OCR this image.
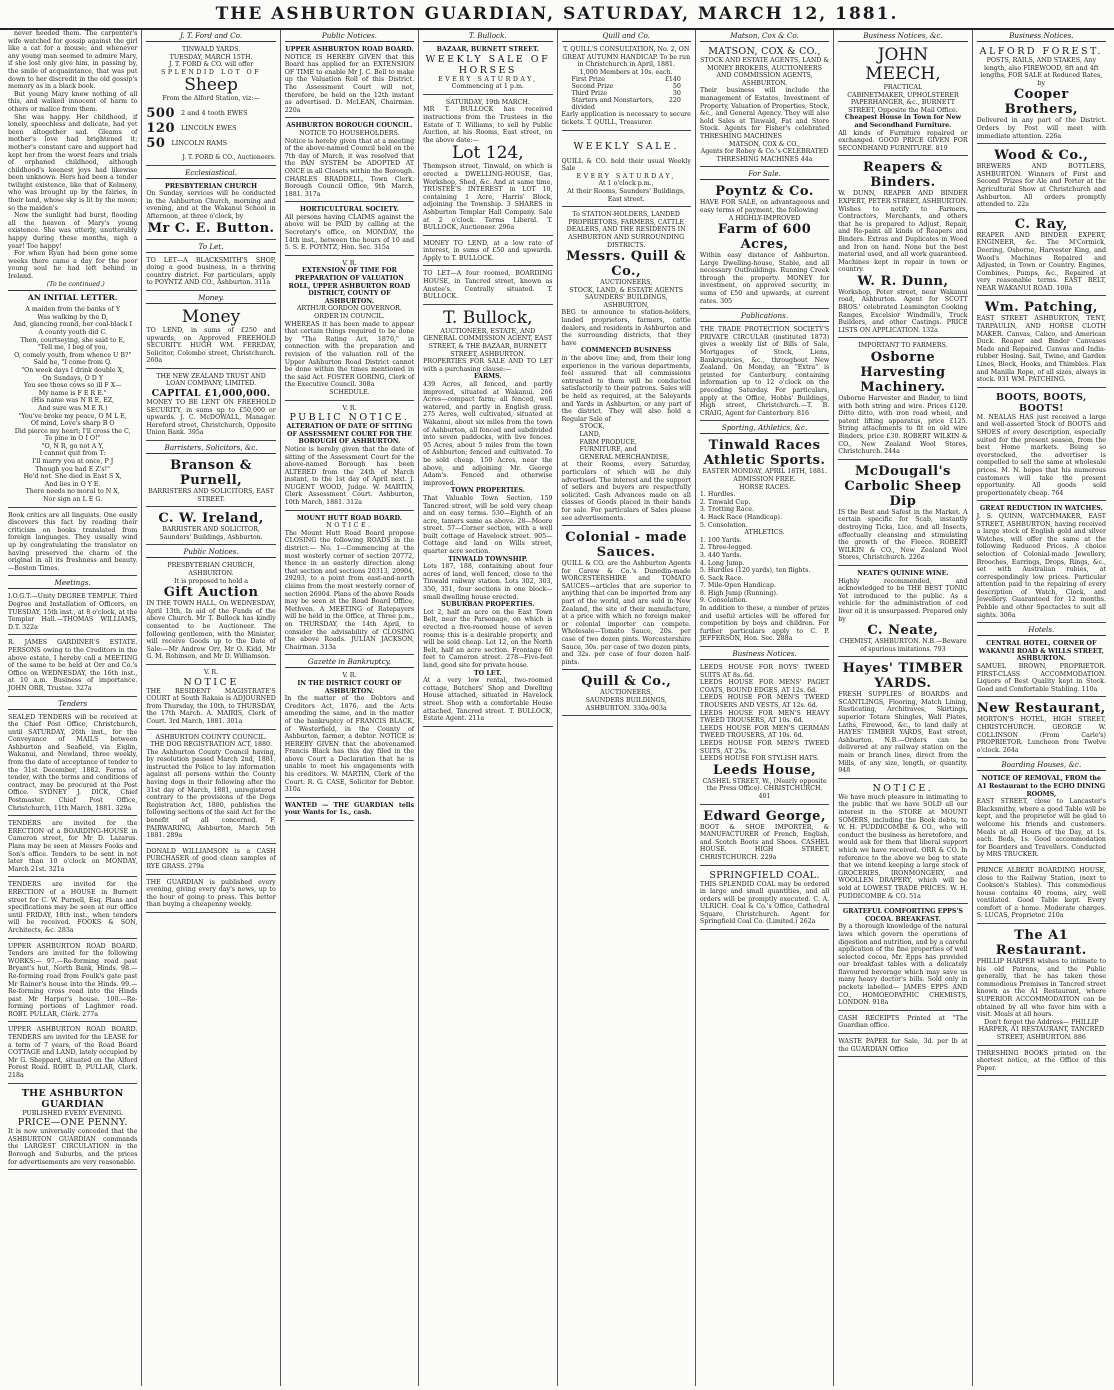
THE ASHBURTON GUARDIAN, SATURDAY, MARCH 12, 1881.

never heeded them. The carpenter's wife watched for gossip against the girl like a cat for a mouse; and whenever any young man seemed to admire Mary, if she lost only give him, in passing by, the smile of acquaintance, that was put down to her discredit in the old gossip's memory as in a black book.

But young Mary knew nothing of all this, and walked innocent of harm to others or malice from them.

She was happy. Her childhood, if lonely, speechless and delicate, had yet been altogether sad. Gleams of mother's love had brightened it; mother's constant care and support had kept her from the worst fears and trials of orphaned childhood, although childhood's keenest joys had likewise been unknown. Hers had been a tender twilight existence, like that of Kelmeny, who was brought up by the fairies, in their land, whose sky is lit by the moon; so the maiden's

Now the sunlight had burst, flooding all the heaven of Mary's young existence. She was utterly, unutterably happy during these months, nigh a year! Too happy!

For when Ryan had been gone some weeks there came a day for the poor young soul he had left behind in Ireland.

(To be continued.)

AN INITIAL LETTER.

A maiden from the banks of Y

Was walking by the D,

And, glancing round, her coal-black I

A county youth did C.

Then, courtseying, she said to E,

"Tell me, I beg of you,

O, comely youth, from whence U B?"

Said he, "I come from Q.

"On week days I drink double X,

On Sundays, O D Y

You see those cows so ill F X—

My name is F E R E."

(His name was N R E, EZ,

And sure was M E R.)

"You've broke my peace, O M L E,

Of mind, Love's sharp B O

Did pierce my heart; I'll cross the C,

To pine in O I O!"

"O, N R, go not A Y,

I cannot quit from T:

I'll marry you at once, P J

Though you had E Z's!"

He'd not. She died in East S X,

And lies in O Y E.

There needs no moral to N X,

Nor sign an L E G.

Book critics are all linguists. One easily discovers this fact by reading their criticism on books translated from foreign languages. They usually wind up by congratulating the translator on having preserved the charm of the original in all its freshness and beauty.—Boston Times.

Meetings.

I.O.G.T.—Unity DEGREE TEMPLE. Third Degree and Installation of Officers, on TUESDAY, 15th inst., at 8 o'clock, at the Templar Hall.—THOMAS WILLIAMS, D.T. 322a

R. JAMES GARDINER'S ESTATE. PERSONS owing to the Creditors in the above estate, I hereby call a MEETING of the same to be held at Orr and Co.'s Office on WEDNESDAY, the 16th inst., at 10 a.m. Business of importance. JOHN ORR, Trustee. 327a

Tenders

SEALED TENDERS will be received at the Chief Post Office, Christchurch, until SATURDAY, 26th inst., for the Conveyance of MAILS between Ashburton and Seafield, via Eiglin, Wakanui, and Newland, three weekly, from the date of acceptance of tender to the 31st December, 1882. Forms of tender, with the terms and conditions of contract, may be procured at the Post Office. SYDNEY J. DICK, Chief Postmaster. Chief Post Office, Christchurch, 11th March, 1881. 329a

TENDERS are invited for the ERECTION of a BOARDING-HOUSE in Cameron street, for Mr D. Lazarus. Plans may be seen at Messrs Fooks and Son's office. Tenders to be sent in not later than 10 o'clock on MONDAY, March 21st. 321a

TENDERS are invited for the ERECTION of a HOUSE in Burnett street for C. W. Purnell, Esq. Plans and specifications may be seen at our office until FRIDAY, 18th inst., when tenders will be received. FOOKS & SON, Architects, &c. 283a

UPPER ASHBURTON ROAD BOARD. Tenders are invited for the following WORKS:— 97.—Re-forming road past Bryant's hut, North Bank, Hinds. 98.—Re-forming road from Foulk's gate past Mr Rainer's house into the Hinds. 99.—Re-forming cross road into the Hinds past Mr Harper's house. 100.—Re-forming portions of Laghmor road. ROBT. PULLAR, Clerk. 277a

UPPER ASHBURTON ROAD BOARD. TENDERS are invited for the LEASE for a term of 7 years, of the Road Board COTTAGE and LAND, lately occupied by Mr G. Sheppard, situated on the Alford Forest Road. ROBT. D. PULLAR, Clerk. 218a

THE ASHBURTON GUARDIAN

PUBLISHED EVERY EVENING.

PRICE—ONE PENNY.

It is now universally conceded that the ASHBURTON GUARDIAN commands the LARGEST CIRCULATION in the Borough and Suburbs, and the prices for advertisements are very reasonable.

J. T. Ford and Co.

TINWALD YARDS.

TUESDAY, MARCH 15TH.

J. T. FORD & CO. will offer

SPLENDID LOT OF

Sheep

From the Alford Station, viz:—

500 2 and 4 tooth EWES
120 LINCOLN EWES
50 LINCOLN RAMS

J. T. FORD & CO., Auctioneers.

Ecclesiastical.

PRESBYTERIAN CHURCH

On Sunday, services will be conducted in the Ashburton Church, morning and evening, and at the Wakanui School in Afternoon, at three o'clock, by

Mr C. E. Button.

To Let.

TO LET—A BLACKSMITH'S SHOP, doing a good business, in a thriving country district. For particulars, apply to POYNTZ AND CO., Ashburton. 311a

Money.

Money

TO LEND, in sums of £250 and upwards, on Approved FREEHOLD SECURITY. HUGH WM. FEREDAY, Solicitor, Colombo street, Christchurch. 260a

THE NEW ZEALAND TRUST AND LOAN COMPANY, LIMITED.

CAPITAL £1,000,000.

MONEY TO BE LENT ON FREEHOLD SECURITY, in sums up to £50,000 or upwards. J. C. McDOWALL, Manager. Hereford street, Christchurch, Opposite Union Bank. 395a

Barristers, Solicitors, &c.

Branson & Purnell,

BARRISTERS AND SOLICITORS, EAST STREET.

C. W. Ireland,

BARRISTER AND SOLICITOR, Saunders' Buildings, Ashburton.

Public Notices.

PRESBYTERIAN CHURCH, ASHBURTON.

It is proposed to hold a

Gift Auction

IN THE TOWN HALL, On WEDNESDAY, April 13th, In aid of the Funds of the above Church. Mr T. Bullock has kindly consented to be Auctioneer. The following gentlemen, with the Minister, will receive Goods up to the Date of Sale:—Mr Andrew Orr, Mr O. Kidd, Mr G. M. Robinson, and Mr D. Williamson.

V. R.

NOTICE

THE RESIDENT MAGISTRATE'S COURT at South Rakaia is ADJOURNED from Thursday, the 10th, to THURSDAY, the 17th March. A. MAIRIS, Clerk of Court. 3rd March, 1881. 301a

ASHBURTON COUNTY COUNCIL.

THE DOG REGISTRATION ACT, 1880.

The Ashburton County Council having, by resolution passed March 2nd, 1881, instructed the Police to lay information against all persons within the County having dogs in their following after the 31st day of March, 1881, unregistered contrary to the provisions of the Dogs Registration Act, 1880, publishes the following sections of the said Act for the benefit of all concerned. F. PAIRWARING, Ashburton, March 5th 1881. 289a

DONALD WILLIAMSON is a CASH PURCHASER of good clean samples of RYE GRASS. 279a

THE GUARDIAN is published every evening, giving every day's news, up to the hour of going to press. This better than buying a cheapenny weekly.

Public Notices.

UPPER ASHBURTON ROAD BOARD.

NOTICE IS HEREBY GIVEN that this Board has applied for an EXTENSION OF TIME to enable Mr J. C. Bell to make up the Valuation Roll of this District. The Assessment Court will not, therefore, be held on the 12th instant as advertised. D. McLEAN, Chairman. 220a

ASHBURTON BOROUGH COUNCIL.

NOTICE TO HOUSEHOLDERS.

Notice is hereby given that at a meeting of the above-named Council held on the 7th day of March, it was resolved that the PAN SYSTEM be ADOPTED AT ONCE in all Closets within the Borough. CHARLES BRADDELL, Town Clerk. Borough Council Office, 9th March, 1881. 317a

HORTICULTURAL SOCIETY.

All persons having CLAIMS against the above will be PAID by calling at the Secretary's office, on MONDAY, the 14th inst., between the hours of 10 and 5. S. E. POYNTZ, Hon. Sec. 315a

V. R.

EXTENSION OF TIME FOR PREPARATION OF VALUATION ROLL, UPPER ASHBURTON ROAD DISTRICT, COUNTY OF ASHBURTON.

ARTHUR GORDON GOVERNOR. ORDER IN COUNCIL.

WHEREAS it has been made to appear that certain things required to be done by "The Rating Act, 1876," in connection with the preparation and revision of the valuation roll of the Upper Ashburton Road District cannot be done within the times mentioned in the said Act. FOSTER GORING, Clerk of the Executive Council. 308a

SCHEDULE.

V. R.

PUBLIC NOTICE.

ALTERATION OF DATE OF SITTING OF ASSESSMENT COURT FOR THE BOROUGH OF ASHBURTON.

Notice is hereby given that the date of sitting of the Assessment Court for the above-named Borough has been ALTERED from the 24th of March instant, to the 1st day of April next. J. NUGENT WOOD, Judge. W. MARTIN, Clerk Assessment Court. Ashburton, 10th March, 1881. 312a

MOUNT HUTT ROAD BOARD.

NOTICE.

The Mount Hutt Road Board propose CLOSING the following ROADS in the district:— No. 1—Commencing at the most westerly corner of section 20772, thence in an easterly direction along that section and sections 20313, 20904, 29293, to a point from east-and-north claims from the most westerly corner of section 26904. Plans of the above Roads may be seen at the Road Board Office, Methven. A MEETING of Ratepayers will be held in the Office, at Three p.m., on THURSDAY, the 14th April, to consider the advisability of CLOSING the above Roads. JULIAN JACKSON, Chairman. 313a

Gazette in Bankruptcy.

V. R.

IN THE DISTRICT COURT OF ASHBURTON.

In the matter of the Debtors and Creditors Act, 1876, and the Acts amending the same, and in the matter of the bankruptcy of FRANCIS BLACK, of Westerfield, in the County of Ashburton, farmer, a debtor. NOTICE is HEREBY GIVEN that the abovenamed Francis Black has this day filed in the above Court a Declaration that he is unable to meet his engagements with his creditors. W. MARTIN, Clerk of the Court. R. G. CASE, Solicitor for Debtor. 310a

WANTED — THE GUARDIAN tells your Wants for 1s., cash.

T. Bullock.

BAZAAR, BURNETT STREET.

WEEKLY SALE OF

HORSES

EVERY SATURDAY,

Commencing at 1 p.m.

SATURDAY, 19th MARCH.

MR T. BULLOCK has received instructions from the Trustees in the Estate of T. Williams, to sell by Public Auction, at his Rooms, East street, on the above date:—

Lot 124,

Thompson street, Tinwald, on which is erected a DWELLING-HOUSE, Gas, Workshop, Shed, &c. And at same time, TRUSTEE'S INTEREST in LOT 10, containing 1 Acre, Harris' Block, adjoining the Township. 3 SHARES in Ashburton Templar Hall Company. Sale at 2 o'clock. Terms Liberal. T. BULLOCK, Auctioneer. 296a

MONEY TO LEND, at a low rate of interest, in sums of £50 and upwards. Apply to T. BULLOCK.

TO LET—A four roomed, BOARDING HOUSE, in Tancred street, known as Anstee's. Centrally situated. T. BULLOCK.

T. Bullock,

AUCTIONEER, ESTATE, AND GENERAL COMMISSION AGENT, EAST STREET, & THE BAZAAR, BURNETT STREET, ASHBURTON.

PROPERTIES FOR SALE AND TO LET with a purchasing clause:—

FARMS.

439 Acres, all fenced, and partly improved, situated at Wakanui. 266 Acres—compact farm; all fenced, well watered, and partly in English grass. 275 Acres, well cultivated, situated at Wakanui, about six miles from the town of Ashburton, all fenced and subdivided into seven paddocks, with live fences. 95 Acres, about 5 miles from the town of Ashburton; fenced and cultivated. To be sold cheap. 150 Acres, near the above, and adjoining Mr. George Adam's. Fenced and otherwise improved.

TOWN PROPERTIES.

That Valuable Town Section. 159 Tancred street, will be sold very cheap and on easy terms. 530—Eighth of an acre, tamers same as above. 28—Moore street. 57—Corner section, with a well built cottage of Havelock street. 905—Cottage and land on Wills street, quarter acre section.

TINWALD TOWNSHIP.

Lots 187, 188, containing about four acres of land, well fenced, close to the Tinwald railway station. Lots 302, 303, 350, 351, four sections in one block—small dwelling house erected.

SUBURBAN PROPERTIES.

Lot 2, half an acre on the East Town Belt, near the Parsonage, on which is erected a five-roomed house of seven rooms; this is a desirable property, and will be sold cheap. Lot 12, on the North Belt, half an acre section. Frontage 60 feet to Cameron street. 278—Five-feet land, good site for private house.

TO LET.

At a very low rental, two-roomed cottage, Butchers' Shop and Dwelling House attached, situated in Havelock street. Shop with a comfortable House attached, Tancred street. T. BULLOCK, Estate Agent. 211a

Quill and Co.

T. QUILL'S CONSULTATION, No. 2, ON GREAT AUTUMN HANDICAP. To be run in Christchurch in April, 1881.

1,000 Members at 10s. each.

First Prize	£140
Second Prize	50
Third Prize	30
Starters and Nonstarters, divided
220

Early application is necessary to secure tickets. T. QUILL, Treasurer.

WEEKLY SALE.

QUILL & CO. hold their usual Weekly Sale

EVERY SATURDAY,

At 1 o'clock p.m.,

At their Rooms, Saunders' Buildings, East street.

To STATION-HOLDERS, LANDED PROPRIETORS, FARMERS, CATTLE DEALERS, AND THE RESIDENTS IN ASHBURTON AND SURROUNDING DISTRICTS.

Messrs. Quill & Co.,

AUCTIONEERS,

STOCK, LAND, & ESTATE AGENTS

SAUNDERS' BUILDINGS,

ASHBURTON,

BEG to announce to station-holders, landed proprietors, farmers, cattle dealers, and residents in Ashburton and the surrounding districts, that they have

COMMENCED BUSINESS

in the above line; and, from their long experience in the various departments, feel assured that all commissions entrusted to them will be conducted satisfactorily to their patrons. Sales will be held as required, at the Saleyards and Yards in Ashburton, or any part of the district. They will also hold a Regular Sale of

STOCK,

LAND,

FARM PRODUCE,

FURNITURE, and

GENERAL MERCHANDISE,

at their Rooms, every Saturday, particulars of which will be duly advertised. The interest and the support of sellers and buyers are respectfully solicited. Cash Advances made on all classes of Goods placed in their hands for sale. For particulars of Sales please see advertisements.

Colonial - made Sauces.

QUILL & CO. are the Ashburton Agents for Carew & Co.'s Dunedin-made WORCESTERSHIRE and TOMATO SAUCES—articles that are superior to anything that can be imported from any part of the world, and are sold in New Zealand, the site of their manufacture, at a price with which no foreign maker or colonial importer can compete. Wholesale—Tomato Sauce, 20s. per case of two dozen pints. Worcestershire Sauce, 30s. per case of two dozen pints, and 32s. per case of four dozen half-pints.

Quill & Co.,

AUCTIONEERS,

SAUNDERS BUILDINGS,

ASHBURTON. 330a-903a

Matson, Cox & Co.

MATSON, COX & CO.,

STOCK AND ESTATE AGENTS, LAND & MONEY BROKERS, AUCTIONEERS AND COMMISSION AGENTS, ASHBURTON.

Their business will include the management of Estates, Investment of Property, Valuation of Properties, Stock, &c., and General Agency. They will also hold Sales at Tinwald, Fat and Store Stock. Agents for Fisher's celebrated THRESHING MACHINES

MATSON, COX & CO.,

Agents for Robey & Co.'s CELEBRATED THRESHING MACHINES 44a

For Sale.

Poyntz & Co.

HAVE FOR SALE, on advantageous and easy terms of payment, the following

A HIGHLY-IMPROVED

Farm of 600 Acres,

Within easy distance of Ashburton. Large Dwelling-house, Stable, and all necessary Outbuildings. Running Creek through the property. MONEY for investment, on approved security, in sums of £50 and upwards, at current rates. 305

Publications.

THE TRADE PROTECTION SOCIETY'S PRIVATE CIRCULAR (instituted 1873) gives a weekly list of Bills of Sale, Mortgages of Stock, Liens, Bankruptcies, &c., throughout New Zealand. On Monday, an "Extra" is printed for Canterbury, containing information up to 12 o'clock on the preceding Saturday. For particulars, apply at the Office, Hobbs' Buildings, High street, Christchurch.—T. B. CRAIG, Agent for Canterbury. 816

Sporting, Athletics, &c.

Tinwald Races

Athletic Sports.

EASTER MONDAY, APRIL 18TH, 1881.

ADMISSION FREE.

HORSE RACES.

1. Hurdles.

2. Tinwald Cup.

3. Trotting Race.

4. Hack Race (Handicap).

5. Consolation.

ATHLETICS.

1. 100 Yards.

2. Three-legged.

3. 440 Yards.

4. Long Jump.

5. Hurdles (120 yards), ten flights.

6. Sack Race.

7. Mile-Open Handicap.

8. High Jump (Running).

9. Consolation.

In addition to these, a number of prizes and useful articles will be offered for competition by boys and children. For further particulars apply to C. P. JEFFERSON, Hon. Sec. 288a

Business Notices.

LEEDS HOUSE FOR BOYS' TWEED SUITS AT 8s. 6d.

LEEDS HOUSE FOR MENS' PAGET COATS, BOUND EDGES, AT 12s. 6d.

LEEDS HOUSE FOR MEN'S TWEED TROUSERS AND VESTS, AT 12s. 6d.

LEEDS HOUSE FOR MEN'S HEAVY TWEED TROUSERS, AT 10s. 6d.

LEEDS HOUSE FOR MEN'S GERMAN TWEED TROUSERS, AT 10s. 6d.

LEEDS HOUSE FOR MEN'S TWEED SUITS, AT 25s.

LEEDS HOUSE FOR STYLISH HATS.

Leeds House,

CASHEL STREET, W., (Nearly opposite the Press Office). CHRISTCHURCH. 401

Edward George,

BOOT & SHOE IMPORTER, & MANUFACTURER of French, English, and Scotch Boots and Shoes. CASHEL HOUSE. HIGH STREET, CHRISTCHURCH. 229a

SPRINGFIELD COAL.

THIS SPLENDID COAL may be ordered in large and small quantities, and all orders will be promptly executed. C. A. ULRICH. Coal & Co.'s Office, Cathedral Square, Christchurch. Agent for Springfield Coal Co. (Limited.) 262a

Business Notices, &c.

JOHN MEECH,

PRACTICAL

CABINETMAKER, UPHOLSTERER PAPERHANGER, &c., BURNETT STREET, Opposite the Mail Office.

Cheapest House in Town for New and Secondhand Furniture.

All kinds of Furniture repaired or exchanged. GOOD PRICE GIVEN FOR SECONDHAND FURNITURE. 819

Reapers & Binders.

W. DUNN, REAPER AND BINDER EXPERT, PETER STREET, ASHBURTON. Wishes to notify to Farmers, Contractors, Merchants, and others that he is prepared to Adjust, Repair, and Re-paint all kinds of Reapers and Binders. Extras and Duplicates in Wood and Iron on hand. None but the best material used, and all work guaranteed. Machines kept in repair in town or country.

W. R. Dunn,

Workshop, Peter street, near Wakanui road, Ashburton. Agent for SCOTT BROS.' celebrated Leamington Cooking Ranges, Excelsior Windmill's, Truck Builders, and other Castings. PRICE LISTS ON APPLICATION. 132a

IMPORTANT TO FARMERS.

Osborne Harvesting Machinery.

Osborne Harvester and Binder, to bind with both string and wire. Prices £120. Ditto ditto, with iron road wheel, and patent lifting apparatus, price £125. String attachments to fit on old wire Binders, price £30. ROBERT WILKIN & CO., New Zealand Wool Stores, Christchurch. 244a

McDougall's Carbolic Sheep Dip

IS the Best and Safest in the Market. A certain specific for Scab, instantly destroying Ticks, Lice, and all Insects, effectually cleansing and stimulating the growth of the Fleece. ROBERT WILKIN & CO., New Zealand Wool Stores, Christchurch. 226a

NEATE'S QUININE WINE.

Highly recommended, and acknowledged to be THE BEST TONIC Yet introduced to the public. As a vehicle for the administration of cod liver oil it is unsurpassed. Prepared only by

C. Neate,

CHEMIST, ASHBURTON. N.B.—Beware of spurious imitations. 793

Hayes' TIMBER YARDS.

FRESH SUPPLIES of BOARDS and SCANTLINGS, Flooring, Match Lining, Rusticating, Architraves, Skirtings, superior Totara Shingles, Wall Plates, Laths, Firewood, &c., to land daily at HAYES' TIMBER YARDS, East street, Ashburton. N.B.—Orders can be delivered at any railway station on the main or branch lines, direct from the Mills, of any size, length, or quantity. 948

NOTICE.

We have much pleasure in intimating to the public that we have SOLD all our interest in the STORE at MOUNT SOMERS, including the Book debts, to W. H. PUDDICOMBE & CO., who will conduct the business as heretofore, and would ask for them that liberal support which we have received. ORR & CO. In reference to the above we beg to state that we intend keeping a large stock of GROCERIES, IRONMONGERY, and WOOLLEN DRAPERY, which will be sold at LOWEST TRADE PRICES. W. H. PUDDICOMBE & CO. 51a

GRATEFUL COMFORTING EPPS'S COCOA. BREAKFAST.

By a thorough knowledge of the natural laws which govern the operations of digestion and nutrition, and by a careful application of the fine properties of well selected cocoa, Mr. Epps has provided our breakfast tables with a delicately flavoured beverage which may save us many heavy doctor's bills. Sold only in packets labelled— JAMES EPPS AND CO., HOMOEOPATHIC CHEMISTS, LONDON. 918a

CASH RECEIPTS Printed at "The Guardian office.

WASTE PAPER for Sale, 3d. per lb at the GUARDIAN Office

Business Notices.

ALFORD FOREST.

POSTS, RAILS, AND STAKES, Any length, also FIREWOOD, 8ft and 4ft lengths, FOR SALE at Reduced Rates, by

Cooper Brothers,

Delivered in any part of the District. Orders by Post will meet with immediate attention. 226a

Wood & Co.,

BREWERS AND BOTTLERS, ASHBURTON. Winners of First and Second Prizes for Ale and Porter at the Agricultural Show at Christchurch and Ashburton. All orders promptly attended to. 22a

C. Ray,

REAPER AND BINDER EXPERT, ENGINEER, &c. The M'Cormick, Deering, Osborne, Harvester King, and Wood's Machines Repaired and Adjusted, in Town or Country. Engines, Combines, Pumps, &c., Repaired at very reasonable terms. EAST BELT, NEAR WAKANUI ROAD. 100a

Wm. Patching,

EAST STREET ASHBURTON, TENT, TARPAULIN, AND HORSE CLOTH MAKER. Canvas, Calico, and American Duck. Reaper and Binder Canvases Made and Repaired. Canvas and India-rubber Hosing. Sail, Twine, and Garden Lines, Block, Hooks, and Thimbles. Flax and Manilla Rope, of all sizes, always in stock. 931 WM. PATCHING.

BOOTS, BOOTS, BOOTS!

M. NEALAS HAS just received a large and well-assorted Stock of BOOTS and SHOES of every description, especially suited for the present season, from the best Home markets. Being so overstocked, the advertiser is compelled to sell the same at wholesale prices. M. N. hopes that his numerous customers will take the present opportunity. All goods sold proportionately cheap. 764

GREAT REDUCTION IN WATCHES.

J. S. QUINN, WATCHMAKER, EAST STREET, ASHBURTON, having received a large stock of English gold and silver Watches, will offer the same at the following Reduced Prices. A choice selection of Colonial-made Jewellery, Brooches, Earrings, Drops, Rings, &c., set with Australian rubies, at correspondingly low prices. Particular attention paid to the repairing of every description of Watch, Clock, and Jewellery. Guaranteed for 12 months. Pebble and other Spectacles to suit all sights. 306a

Hotels.

CENTRAL HOTEL, CORNER OF WAKANUI ROAD & WILLS STREET, ASHBURTON.

SAMUEL BROWN, PROPRIETOR. FIRST-CLASS ACCOMMODATION. Liquors of Best Quality kept in Stock. Good and Comfortable Stabling. 110a

New Restaurant,

MORTON'S HOTEL, HIGH STREET, CHRISTCHURCH. GEORGE W. COLLINSON (From Carle's) PROPRIETOR. Luncheon from Twelve o'clock. 264a

Boarding Houses, &c.

NOTICE OF REMOVAL, FROM the A1 Restaurant to the ECHO DINING ROOMS,

EAST STREET, close to Lancaster's Blacksmithy, where a good Table will be kept, and the proprietor will be glad to welcome his friends and customers. Meals at all Hours of the Day, at 1s. each. Beds, 1s. Good accommodation for Boarders and Travellers. Conducted by MRS TRUCKER.

PRINCE ALBERT BOARDING HOUSE, close to the Railway Station, (next to Cookson's Stables). This commodious house contains 40 rooms, airy, well ventilated. Good Table kept. Every comfort of a home. Moderate charges. S. LUCAS, Proprietor. 210a

The A1 Restaurant.

PHILLIP HARPER wishes to intimate to his old Patrons, and the Public generally, that he has taken those commodious Premises in Tancred street known as the A1 Restaurant, where SUPERIOR ACCOMMODATION can be obtained by all who favor him with a visit. Meals at all hours.

Don't forget the Address— PHILLIP HARPER, A1 RESTAURANT, TANCRED STREET, ASHBURTON. 886

THRESHING BOOKS printed on the shortest notice, at the Office of this Paper.
